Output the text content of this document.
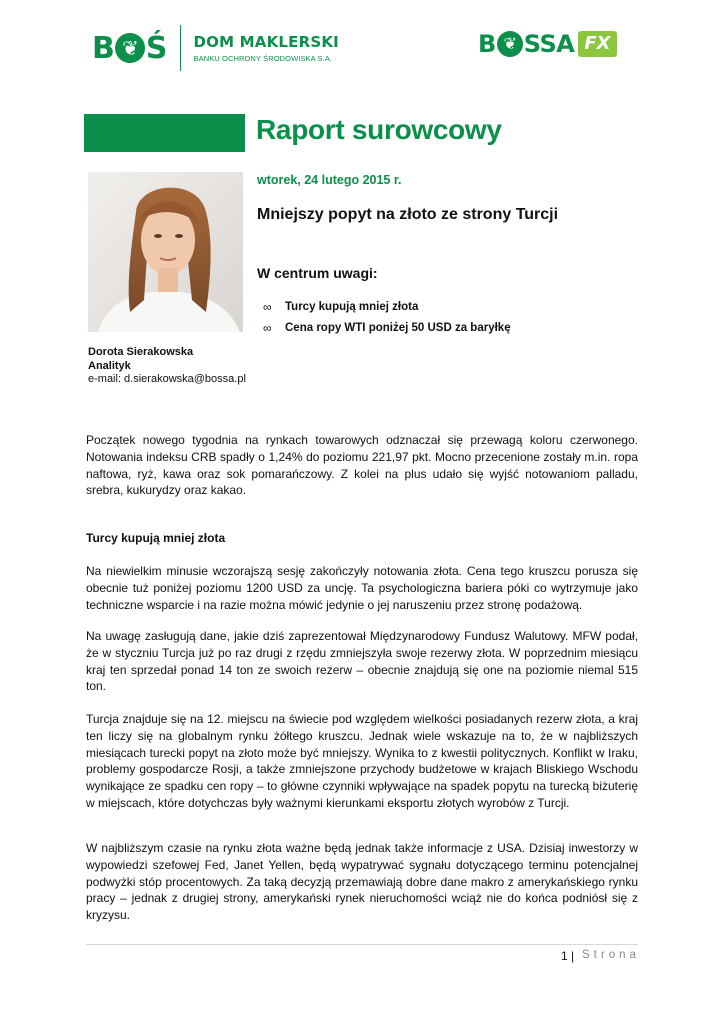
B ❦ Ś DOM MAKLERSKI
BANKU OCHRONY ŚRODOWISKA S.A.
B ❦ SSA FX
Raport surowcowy
wtorek, 24 lutego 2015 r.
Mniejszy popyt na złoto ze strony Turcji
W centrum uwagi:
∞	Turcy kupują mniej złota
∞	Cena ropy WTI poniżej 50 USD za baryłkę
Dorota Sierakowska
Analityk
e-mail: d.sierakowska@bossa.pl

Początek nowego tygodnia na rynkach towarowych odznaczał się przewagą koloru czerwonego. Notowania indeksu CRB spadły o 1,24% do poziomu 221,97 pkt. Mocno przecenione zostały m.in. ropa naftowa, ryż, kawa oraz sok pomarańczowy. Z kolei na plus udało się wyjść notowaniom palladu, srebra, kukurydzy oraz kakao.

Turcy kupują mniej złota

Na niewielkim minusie wczorajszą sesję zakończyły notowania złota. Cena tego kruszcu porusza się obecnie tuż poniżej poziomu 1200 USD za uncję. Ta psychologiczna bariera póki co wytrzymuje jako techniczne wsparcie i na razie można mówić jedynie o jej naruszeniu przez stronę podażową.

Na uwagę zasługują dane, jakie dziś zaprezentował Międzynarodowy Fundusz Walutowy. MFW podał, że w styczniu Turcja już po raz drugi z rzędu zmniejszyła swoje rezerwy złota. W poprzednim miesiącu kraj ten sprzedał ponad 14 ton ze swoich rezerw – obecnie znajdują się one na poziomie niemal 515 ton.

Turcja znajduje się na 12. miejscu na świecie pod względem wielkości posiadanych rezerw złota, a kraj ten liczy się na globalnym rynku żółtego kruszcu. Jednak wiele wskazuje na to, że w najbliższych miesiącach turecki popyt na złoto może być mniejszy. Wynika to z kwestii politycznych. Konflikt w Iraku, problemy gospodarcze Rosji, a także zmniejszone przychody budżetowe w krajach Bliskiego Wschodu wynikające ze spadku cen ropy – to główne czynniki wpływające na spadek popytu na turecką biżuterię w miejscach, które dotychczas były ważnymi kierunkami eksportu złotych wyrobów z Turcji.

W najbliższym czasie na rynku złota ważne będą jednak także informacje z USA. Dzisiaj inwestorzy w wypowiedzi szefowej Fed, Janet Yellen, będą wypatrywać sygnału dotyczącego terminu potencjalnej podwyżki stóp procentowych. Za taką decyzją przemawiają dobre dane makro z amerykańskiego rynku pracy – jednak z drugiej strony, amerykański rynek nieruchomości wciąż nie do końca podniósł się z kryzysu.

1 | Strona
